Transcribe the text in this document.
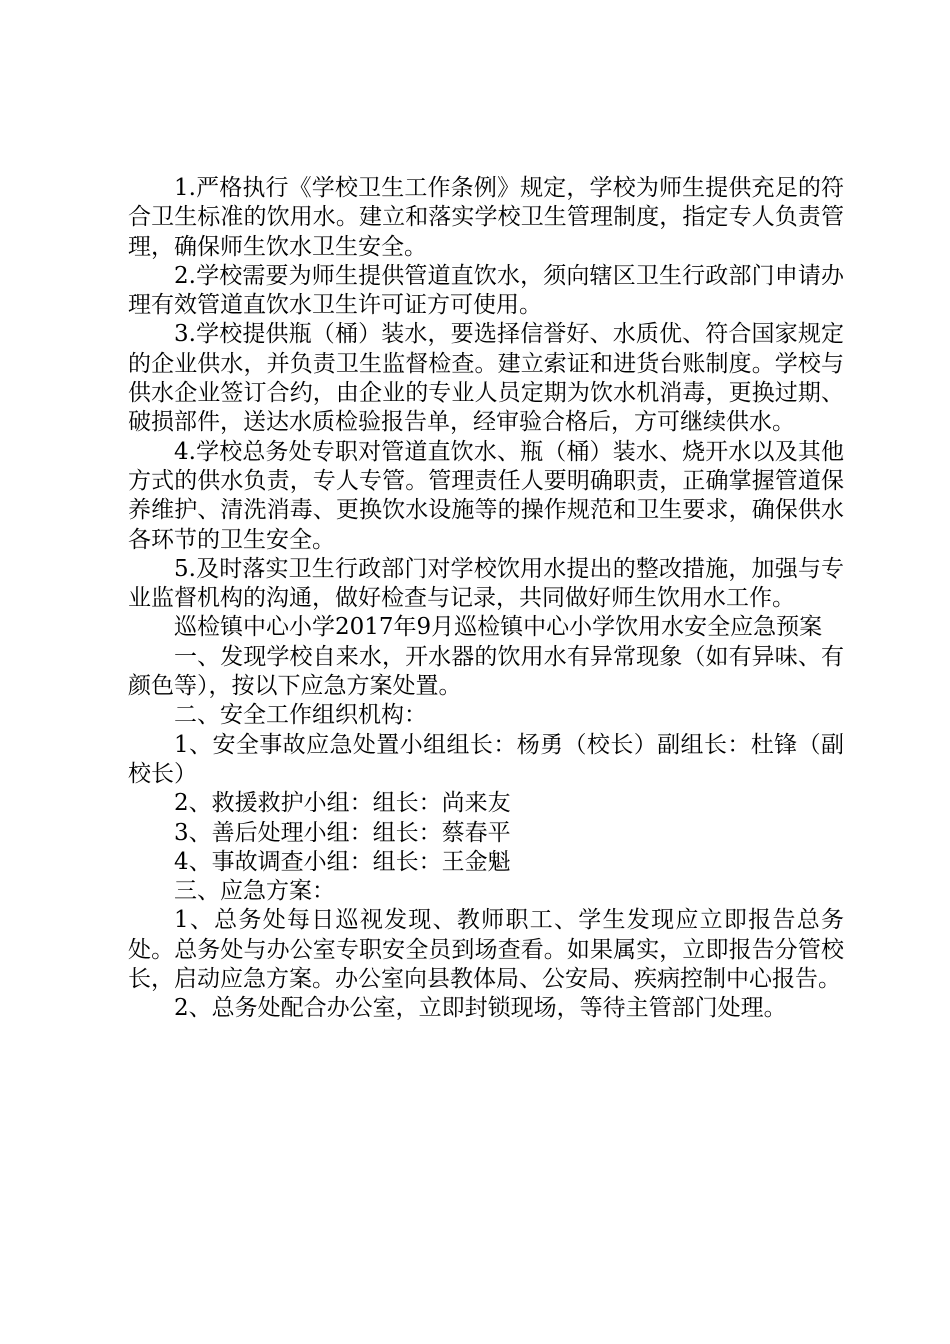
1.严格执行《学校卫生工作条例》规定，学校为师生提供充足的符合卫生标准的饮用水。建立和落实学校卫生管理制度，指定专人负责管理，确保师生饮水卫生安全。

2.学校需要为师生提供管道直饮水，须向辖区卫生行政部门申请办理有效管道直饮水卫生许可证方可使用。

3.学校提供瓶（桶）装水，要选择信誉好、水质优、符合国家规定的企业供水，并负责卫生监督检查。建立索证和进货台账制度。学校与供水企业签订合约，由企业的专业人员定期为饮水机消毒，更换过期、破损部件，送达水质检验报告单，经审验合格后，方可继续供水。

4.学校总务处专职对管道直饮水、瓶（桶）装水、烧开水以及其他方式的供水负责，专人专管。管理责任人要明确职责，正确掌握管道保养维护、清洗消毒、更换饮水设施等的操作规范和卫生要求，确保供水各环节的卫生安全。

5.及时落实卫生行政部门对学校饮用水提出的整改措施，加强与专业监督机构的沟通，做好检查与记录，共同做好师生饮用水工作。

巡检镇中心小学2017年9月巡检镇中心小学饮用水安全应急预案

一、发现学校自来水，开水器的饮用水有异常现象（如有异味、有颜色等），按以下应急方案处置。

二、安全工作组织机构：

1、安全事故应急处置小组组长：杨勇（校长）副组长：杜锋（副校长）

2、救援救护小组：组长：尚来友

3、善后处理小组：组长：蔡春平

4、事故调查小组：组长：王金魁

三、应急方案：

1、总务处每日巡视发现、教师职工、学生发现应立即报告总务处。总务处与办公室专职安全员到场查看。如果属实，立即报告分管校长，启动应急方案。办公室向县教体局、公安局、疾病控制中心报告。

2、总务处配合办公室，立即封锁现场，等待主管部门处理。
